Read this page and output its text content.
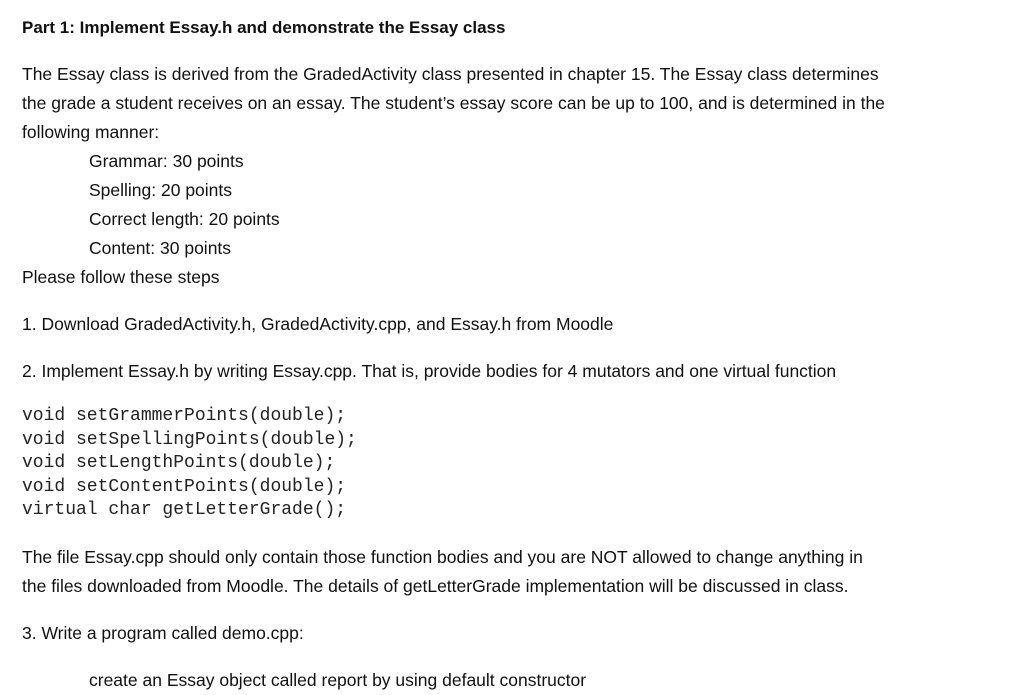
Part 1: Implement Essay.h and demonstrate the Essay class
The Essay class is derived from the GradedActivity class presented in chapter 15. The Essay class determines
the grade a student receives on an essay. The student’s essay score can be up to 100, and is determined in the
following manner:
Grammar: 30 points
Spelling: 20 points
Correct length: 20 points
Content: 30 points
Please follow these steps
1. Download GradedActivity.h, GradedActivity.cpp, and Essay.h from Moodle
2. Implement Essay.h by writing Essay.cpp. That is, provide bodies for 4 mutators and one virtual function
void setGrammerPoints(double);
void setSpellingPoints(double);
void setLengthPoints(double);
void setContentPoints(double);
virtual char getLetterGrade();
The file Essay.cpp should only contain those function bodies and you are NOT allowed to change anything in
the files downloaded from Moodle. The details of getLetterGrade implementation will be discussed in class.
3. Write a program called demo.cpp:
create an Essay object called report by using default constructor
